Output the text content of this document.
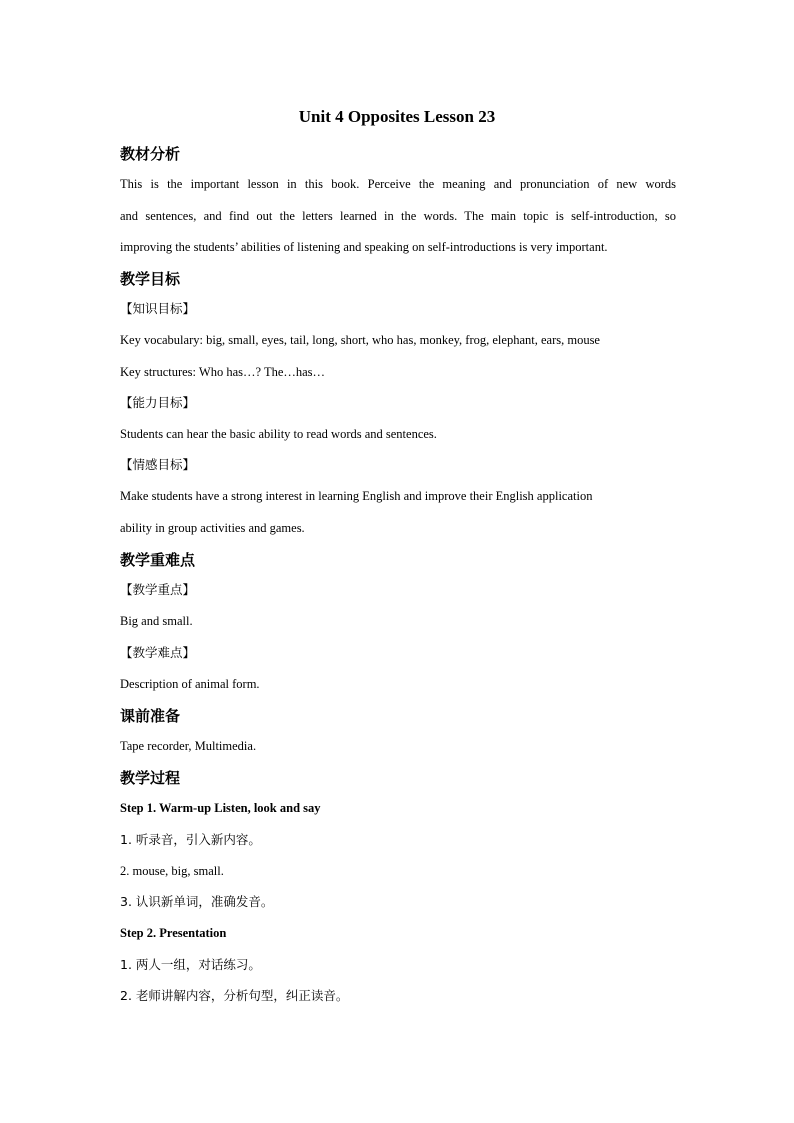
Unit 4 Opposites Lesson 23
教材分析
This is the important lesson in this book. Perceive the meaning and pronunciation of new words
and sentences, and find out the letters learned in the words. The main topic is self-introduction, so
improving the students’ abilities of listening and speaking on self-introductions is very important.
教学目标
【知识目标】
Key vocabulary: big, small, eyes, tail, long, short, who has, monkey, frog, elephant, ears, mouse
Key structures: Who has…? The…has…
【能力目标】
Students can hear the basic ability to read words and sentences.
【情感目标】
Make students have a strong interest in learning English and improve their English application
ability in group activities and games.
教学重难点
【教学重点】
Big and small.
【教学难点】
Description of animal form.
课前准备
Tape recorder, Multimedia.
教学过程
Step 1. Warm-up Listen, look and say
1. 听录音，引入新内容。
2. mouse, big, small.
3. 认识新单词，准确发音。
Step 2. Presentation
1. 两人一组，对话练习。
2. 老师讲解内容，分析句型，纠正读音。
